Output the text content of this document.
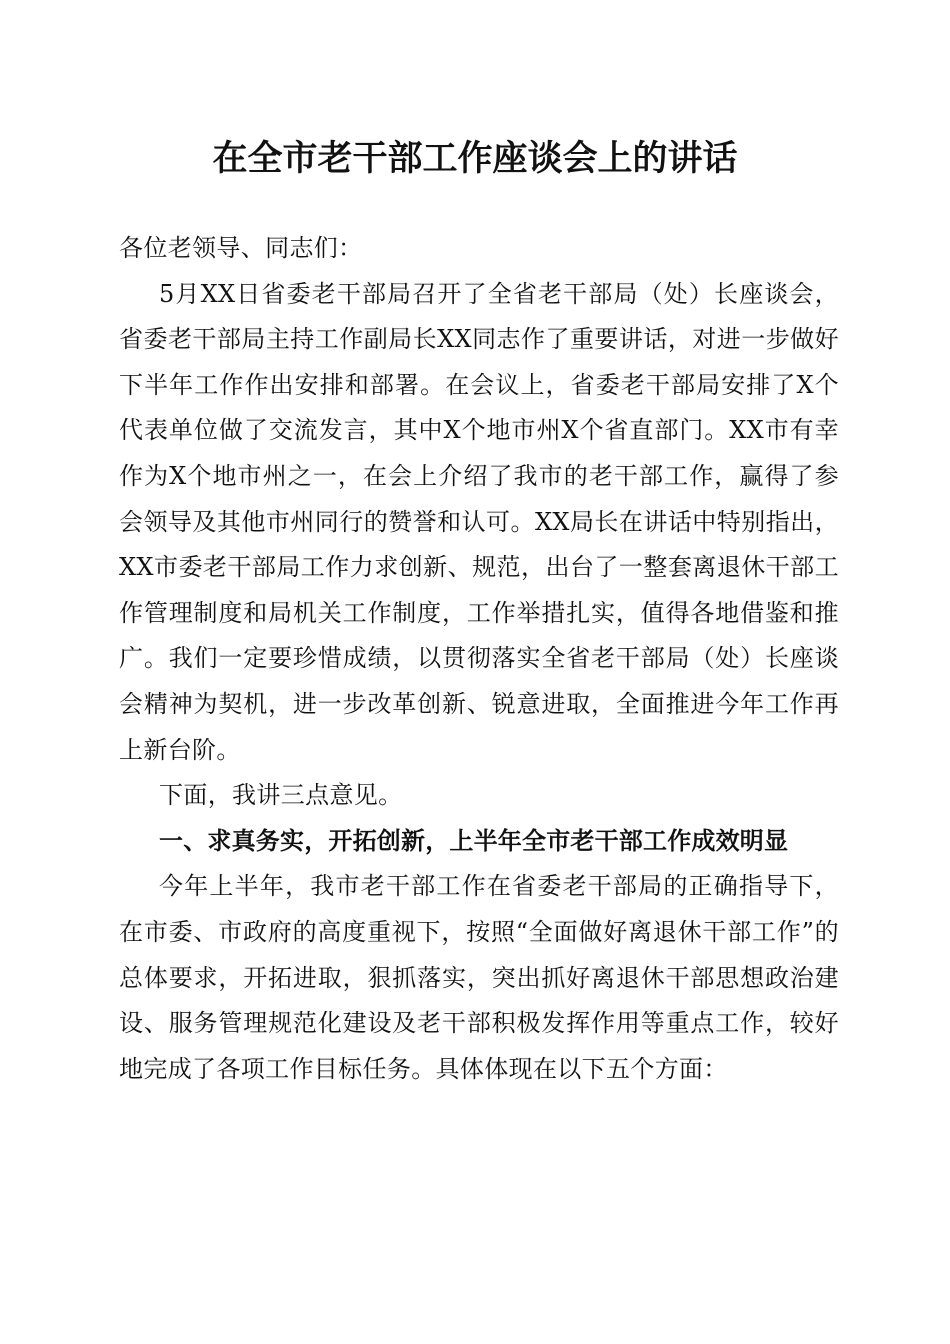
在全市老干部工作座谈会上的讲话

各位老领导、同志们：

5月XX日省委老干部局召开了全省老干部局（处）长座谈会，省委老干部局主持工作副局长XX同志作了重要讲话，对进一步做好下半年工作作出安排和部署。在会议上，省委老干部局安排了X个代表单位做了交流发言，其中X个地市州X个省直部门。XX市有幸作为X个地市州之一，在会上介绍了我市的老干部工作，赢得了参会领导及其他市州同行的赞誉和认可。XX局长在讲话中特别指出，XX市委老干部局工作力求创新、规范，出台了一整套离退休干部工作管理制度和局机关工作制度，工作举措扎实，值得各地借鉴和推广。我们一定要珍惜成绩，以贯彻落实全省老干部局（处）长座谈会精神为契机，进一步改革创新、锐意进取，全面推进今年工作再上新台阶。

下面，我讲三点意见。

一、求真务实，开拓创新，上半年全市老干部工作成效明显

今年上半年，我市老干部工作在省委老干部局的正确指导下，在市委、市政府的高度重视下，按照“全面做好离退休干部工作”的总体要求，开拓进取，狠抓落实，突出抓好离退休干部思想政治建设、服务管理规范化建设及老干部积极发挥作用等重点工作，较好地完成了各项工作目标任务。具体体现在以下五个方面：
